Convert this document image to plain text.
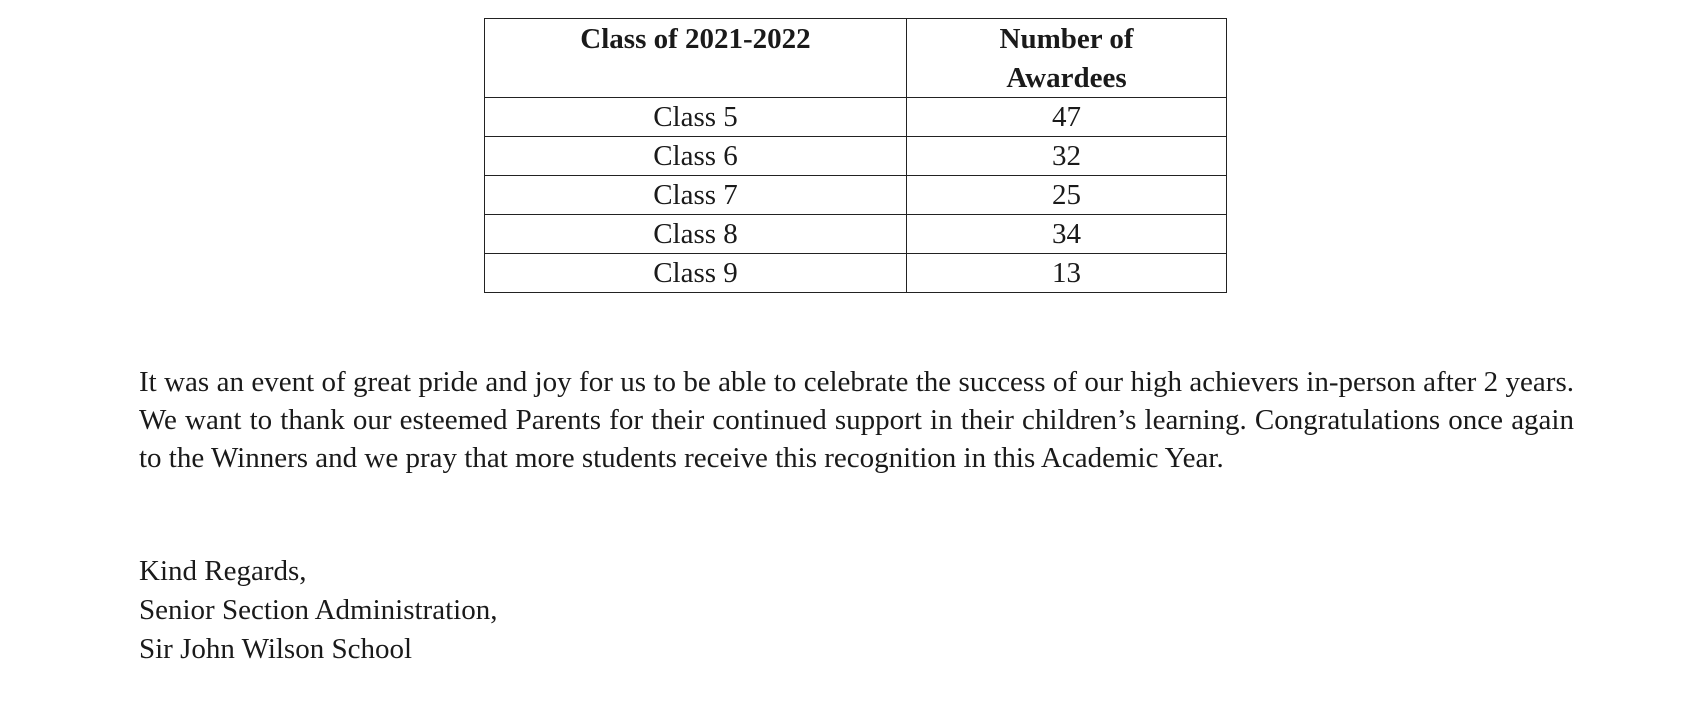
Class of 2021-2022	Number of
Awardees

Class 5	47
Class 6	32
Class 7	25
Class 8	34
Class 9	13

It was an event of great pride and joy for us to be able to celebrate the success of our high achievers in-person after 2 years. We want to thank our esteemed Parents for their continued support in their children’s learning. Congratulations once again to the Winners and we pray that more students receive this recognition in this Academic Year.

Kind Regards,
Senior Section Administration,
Sir John Wilson School
